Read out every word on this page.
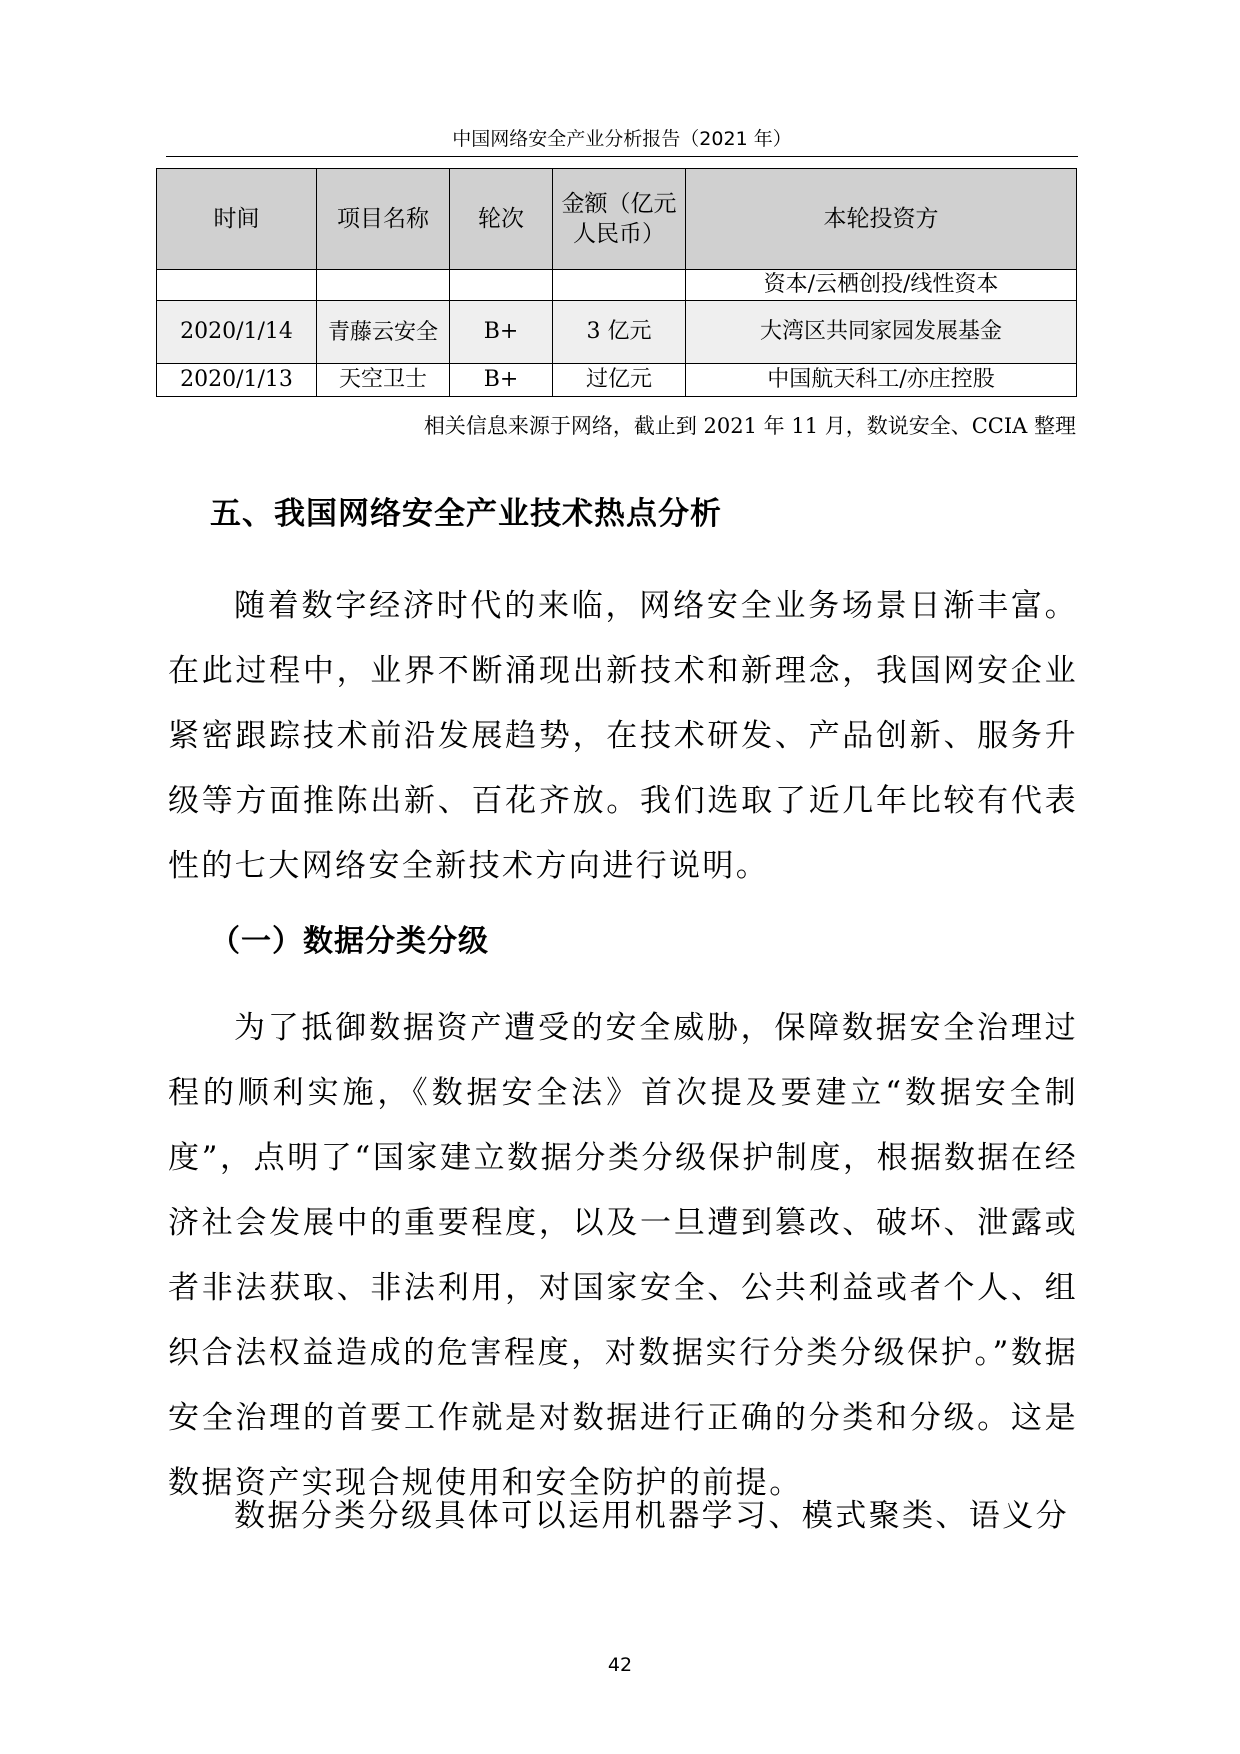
中国网络安全产业分析报告（2021 年）
时间	项目名称	轮次	金额（亿元人民币）	本轮投资方
				资本/云栖创投/线性资本
2020/1/14	青藤云安全	B+	3 亿元	大湾区共同家园发展基金
2020/1/13	天空卫士	B+	过亿元	中国航天科工/亦庄控股
相关信息来源于网络，截止到 2021 年 11 月，数说安全、CCIA 整理
五、我国网络安全产业技术热点分析

随着数字经济时代的来临，网络安全业务场景日渐丰富。在此过程中，业界不断涌现出新技术和新理念，我国网安企业紧密跟踪技术前沿发展趋势，在技术研发、产品创新、服务升级等方面推陈出新、百花齐放。我们选取了近几年比较有代表性的七大网络安全新技术方向进行说明。

（一）数据分类分级

为了抵御数据资产遭受的安全威胁，保障数据安全治理过程的顺利实施，《数据安全法》首次提及要建立“数据安全制度”，点明了“国家建立数据分类分级保护制度，根据数据在经济社会发展中的重要程度，以及一旦遭到篡改、破坏、泄露或者非法获取、非法利用，对国家安全、公共利益或者个人、组织合法权益造成的危害程度，对数据实行分类分级保护。”数据安全治理的首要工作就是对数据进行正确的分类和分级。这是数据资产实现合规使用和安全防护的前提。

数据分类分级具体可以运用机器学习、模式聚类、语义分

42
